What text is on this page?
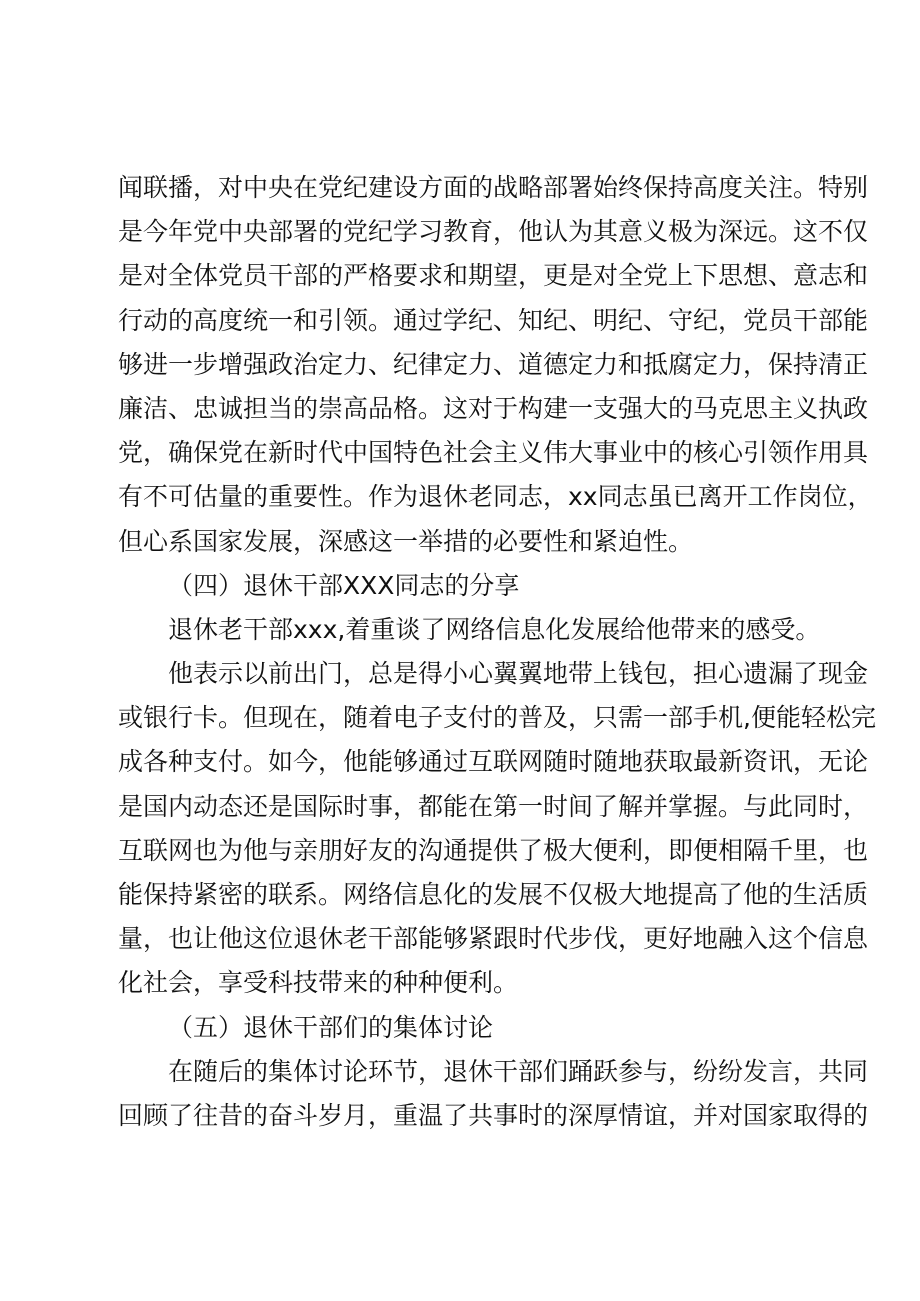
闻联播，对中央在党纪建设方面的战略部署始终保持高度关注。特别
是今年党中央部署的党纪学习教育，他认为其意义极为深远。这不仅
是对全体党员干部的严格要求和期望，更是对全党上下思想、意志和
行动的高度统一和引领。通过学纪、知纪、明纪、守纪，党员干部能
够进一步增强政治定力、纪律定力、道德定力和抵腐定力，保持清正
廉洁、忠诚担当的崇高品格。这对于构建一支强大的马克思主义执政
党，确保党在新时代中国特色社会主义伟大事业中的核心引领作用具
有不可估量的重要性。作为退休老同志，xx同志虽已离开工作岗位，
但心系国家发展，深感这一举措的必要性和紧迫性。
（四）退休干部XXX同志的分享
退休老干部xxx,着重谈了网络信息化发展给他带来的感受。
他表示以前出门，总是得小心翼翼地带上钱包，担心遗漏了现金
或银行卡。但现在，随着电子支付的普及，只需一部手机,便能轻松完
成各种支付。如今，他能够通过互联网随时随地获取最新资讯，无论
是国内动态还是国际时事，都能在第一时间了解并掌握。与此同时，
互联网也为他与亲朋好友的沟通提供了极大便利，即便相隔千里，也
能保持紧密的联系。网络信息化的发展不仅极大地提高了他的生活质
量，也让他这位退休老干部能够紧跟时代步伐，更好地融入这个信息
化社会，享受科技带来的种种便利。
（五）退休干部们的集体讨论
在随后的集体讨论环节，退休干部们踊跃参与，纷纷发言，共同
回顾了往昔的奋斗岁月，重温了共事时的深厚情谊，并对国家取得的
